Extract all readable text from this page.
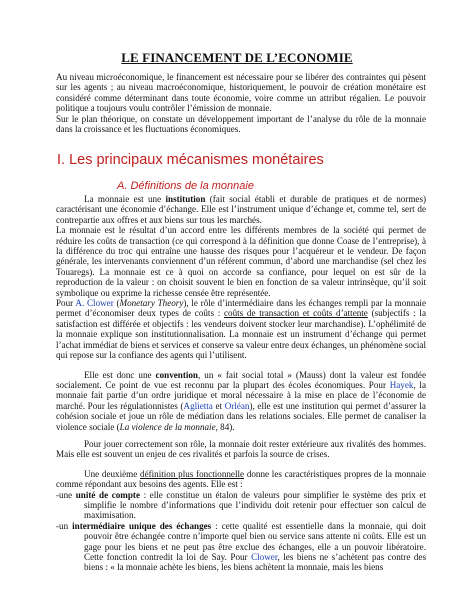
LE FINANCEMENT DE L’ECONOMIE

Au niveau microéconomique, le financement est nécessaire pour se libérer des contraintes qui pèsent sur les agents ; au niveau macroéconomique, historiquement, le pouvoir de création monétaire est considéré comme déterminant dans toute économie, voire comme un attribut régalien. Le pouvoir politique a toujours voulu contrôler l’émission de monnaie.

Sur le plan théorique, on constate un développement important de l’analyse du rôle de la monnaie dans la croissance et les fluctuations économiques.

I. Les principaux mécanismes monétaires
A. Définitions de la monnaie

La monnaie est une institution (fait social établi et durable de pratiques et de normes) caractérisant une économie d’échange. Elle est l’instrument unique d’échange et, comme tel, sert de contrepartie aux offres et aux biens sur tous les marchés.

La monnaie est le résultat d’un accord entre les différents membres de la société qui permet de réduire les coûts de transaction (ce qui correspond à la définition que donne Coase de l’entreprise), à la différence du troc qui entraîne une hausse des risques pour l’acquéreur et le vendeur. De façon générale, les intervenants conviennent d’un référent commun, d’abord une marchandise (sel chez les Touaregs). La monnaie est ce à quoi on accorde sa confiance, pour lequel on est sûr de la reproduction de la valeur : on choisit souvent le bien en fonction de sa valeur intrinsèque, qu’il soit symbolique ou exprime la richesse censée être représentée.

Pour A. Clower (Monetary Theory), le rôle d’intermédiaire dans les échanges rempli par la monnaie permet d’économiser deux types de coûts : coûts de transaction et coûts d’attente (subjectifs : la satisfaction est différée et objectifs : les vendeurs doivent stocker leur marchandise). L’ophélimité de la monnaie explique son institutionnalisation. La monnaie est un instrument d’échange qui permet l’achat immédiat de biens et services et conserve sa valeur entre deux échanges, un phénomène social qui repose sur la confiance des agents qui l’utilisent.

Elle est donc une convention, un « fait social total » (Mauss) dont la valeur est fondée socialement. Ce point de vue est reconnu par la plupart des écoles économiques. Pour Hayek, la monnaie fait partie d’un ordre juridique et moral nécessaire à la mise en place de l’économie de marché. Pour les régulationnistes (Aglietta et Orléan), elle est une institution qui permet d’assurer la cohésion sociale et joue un rôle de médiation dans les relations sociales. Elle permet de canaliser la violence sociale (La violence de la monnaie, 84).

Pour jouer correctement son rôle, la monnaie doit rester extérieure aux rivalités des hommes. Mais elle est souvent un enjeu de ces rivalités et parfois la source de crises.

Une deuxième définition plus fonctionnelle donne les caractéristiques propres de la monnaie comme répondant aux besoins des agents. Elle est :

-une unité de compte : elle constitue un étalon de valeurs pour simplifier le système des prix et simplifie le nombre d’informations que l’individu doit retenir pour effectuer son calcul de maximisation.

-un intermédiaire unique des échanges : cette qualité est essentielle dans la monnaie, qui doit pouvoir être échangée contre n’importe quel bien ou service sans attente ni coûts. Elle est un gage pour les biens et ne peut pas être exclue des échanges, elle a un pouvoir libératoire. Cette fonction contredit la loi de Say. Pour Clower, les biens ne s’achètent pas contre des biens : « la monnaie achète les biens, les biens achètent la monnaie, mais les biens
